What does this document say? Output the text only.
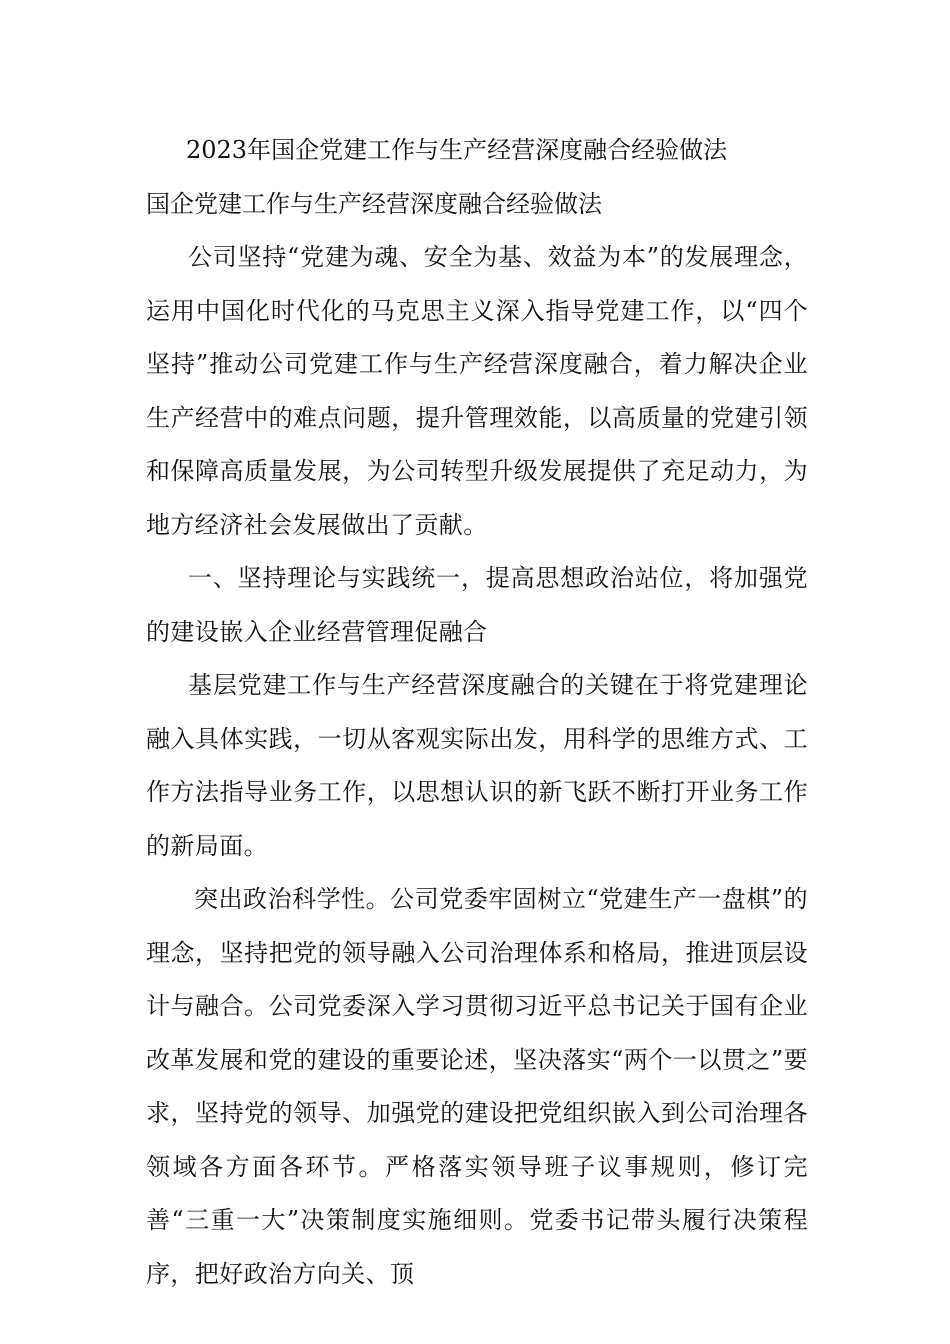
2023年国企党建工作与生产经营深度融合经验做法

国企党建工作与生产经营深度融合经验做法

公司坚持“党建为魂、安全为基、效益为本”的发展理念，运用中国化时代化的马克思主义深入指导党建工作，以“四个坚持”推动公司党建工作与生产经营深度融合，着力解决企业生产经营中的难点问题，提升管理效能，以高质量的党建引领和保障高质量发展，为公司转型升级发展提供了充足动力，为地方经济社会发展做出了贡献。

一、坚持理论与实践统一，提高思想政治站位，将加强党的建设嵌入企业经营管理促融合

基层党建工作与生产经营深度融合的关键在于将党建理论融入具体实践，一切从客观实际出发，用科学的思维方式、工作方法指导业务工作，以思想认识的新飞跃不断打开业务工作的新局面。

突出政治科学性。公司党委牢固树立“党建生产一盘棋”的理念，坚持把党的领导融入公司治理体系和格局，推进顶层设计与融合。公司党委深入学习贯彻习近平总书记关于国有企业改革发展和党的建设的重要论述，坚决落实“两个一以贯之”要求，坚持党的领导、加强党的建设把党组织嵌入到公司治理各领域各方面各环节。严格落实领导班子议事规则，修订完善“三重一大”决策制度实施细则。党委书记带头履行决策程序，把好政治方向关、顶
